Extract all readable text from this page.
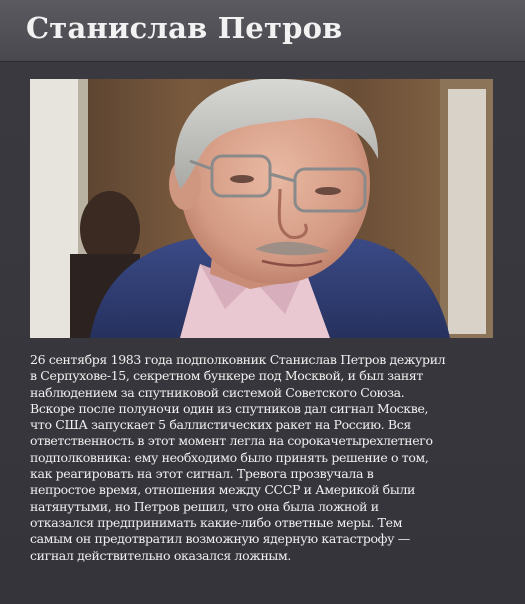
Станислав Петров
26 сентября 1983 года подполковник Станислав Петров дежурил
в Серпухове-15, секретном бункере под Москвой, и был занят
наблюдением за спутниковой системой Советского Союза.
Вскоре после полуночи один из спутников дал сигнал Москве,
что США запускает 5 баллистических ракет на Россию. Вся
ответственность в этот момент легла на сорокачетырехлетнего
подполковника: ему необходимо было принять решение о том,
как реагировать на этот сигнал. Тревога прозвучала в
непростое время, отношения между СССР и Америкой были
натянутыми, но Петров решил, что она была ложной и
отказался предпринимать какие-либо ответные меры. Тем
самым он предотвратил возможную ядерную катастрофу —
сигнал действительно оказался ложным.
